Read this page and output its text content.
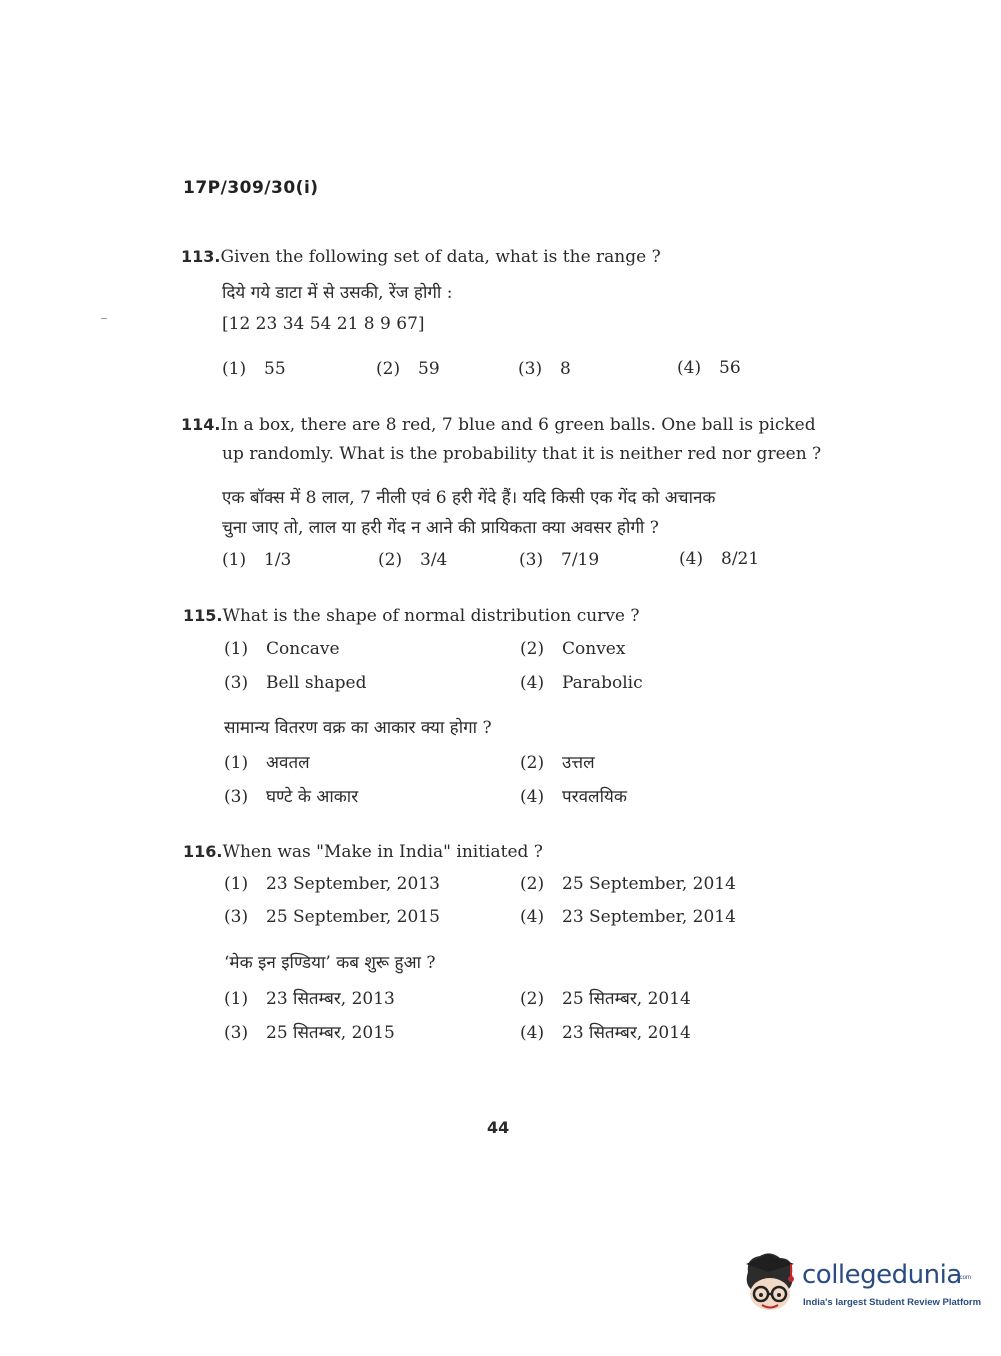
17P/309/30(i)
113.Given the following set of data, what is the range ?
दिये गये डाटा में से उसकी, रेंज होगी :
[12 23 34 54 21 8 9 67]
(1) 55	(2) 59	(3) 8	(4) 56
114.In a box, there are 8 red, 7 blue and 6 green balls. One ball is picked
up randomly. What is the probability that it is neither red nor green ?
एक बॉक्स में 8 लाल, 7 नीली एवं 6 हरी गेंदे हैं। यदि किसी एक गेंद को अचानक
चुना जाए तो, लाल या हरी गेंद न आने की प्रायिकता क्या अवसर होगी ?
(1) 1/3	(2) 3/4	(3) 7/19	(4) 8/21
115.What is the shape of normal distribution curve ?
(1) Concave	(2) Convex
(3) Bell shaped	(4) Parabolic
सामान्य वितरण वक्र का आकार क्या होगा ?
(1) अवतल	(2) उत्तल
(3) घण्टे के आकार	(4) परवलयिक
116.When was "Make in India" initiated ?
(1) 23 September, 2013	(2) 25 September, 2014
(3) 25 September, 2015	(4) 23 September, 2014
‘मेक इन इण्डिया’ कब शुरू हुआ ?
(1) 23 सितम्बर, 2013	(2) 25 सितम्बर, 2014
(3) 25 सितम्बर, 2015	(4) 23 सितम्बर, 2014
44
collegedunia
.com
India's largest Student Review Platform
